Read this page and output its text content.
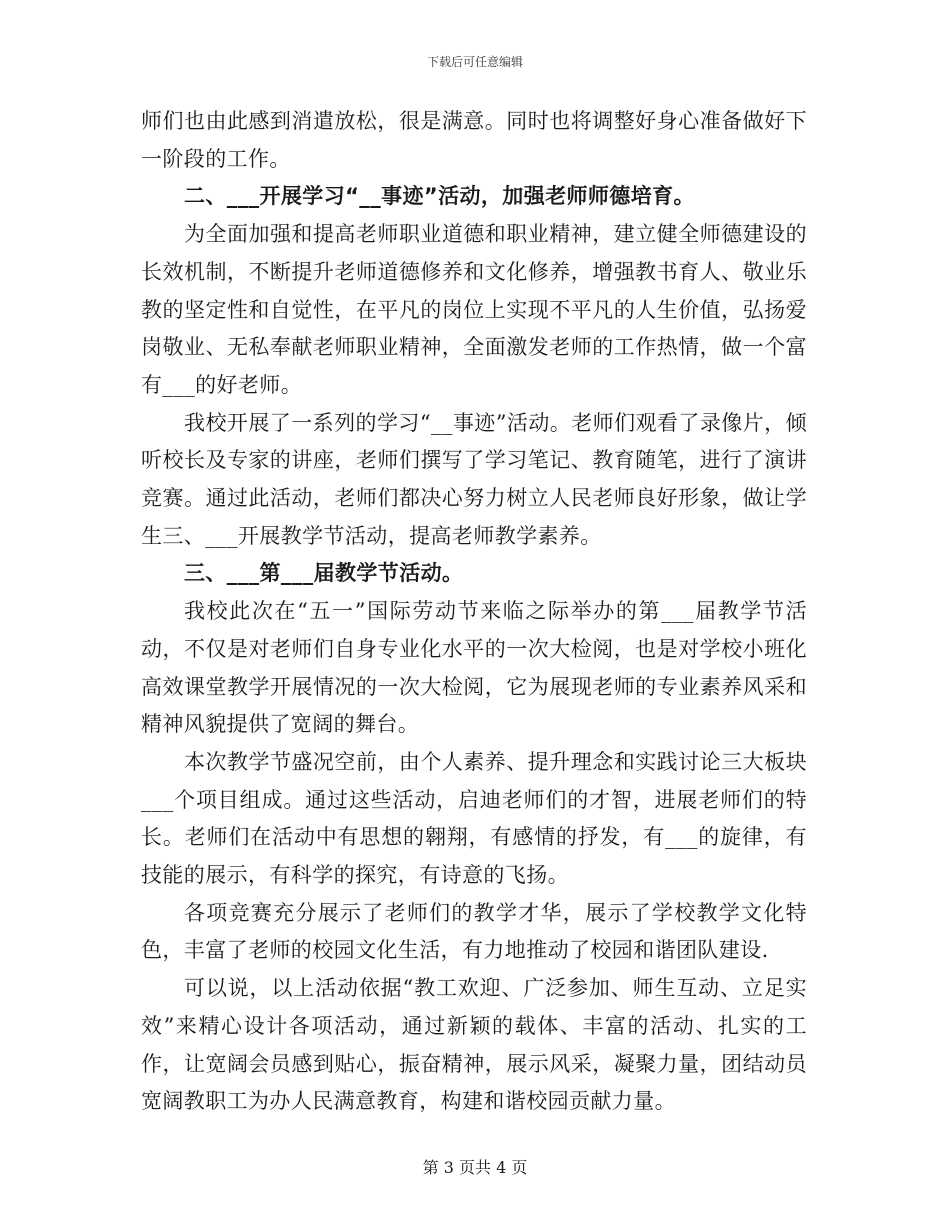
下载后可任意编辑

师们也由此感到消遣放松，很是满意。同时也将调整好身心准备做好下一阶段的工作。

二、___开展学习“__事迹”活动，加强老师师德培育。

为全面加强和提高老师职业道德和职业精神，建立健全师德建设的长效机制，不断提升老师道德修养和文化修养，增强教书育人、敬业乐教的坚定性和自觉性，在平凡的岗位上实现不平凡的人生价值，弘扬爱岗敬业、无私奉献老师职业精神，全面激发老师的工作热情，做一个富有___的好老师。

我校开展了一系列的学习“__事迹”活动。老师们观看了录像片，倾听校长及专家的讲座，老师们撰写了学习笔记、教育随笔，进行了演讲竞赛。通过此活动，老师们都决心努力树立人民老师良好形象，做让学生三、___开展教学节活动，提高老师教学素养。

三、___第___届教学节活动。

我校此次在“五一”国际劳动节来临之际举办的第___届教学节活动，不仅是对老师们自身专业化水平的一次大检阅，也是对学校小班化高效课堂教学开展情况的一次大检阅，它为展现老师的专业素养风采和精神风貌提供了宽阔的舞台。

本次教学节盛况空前，由个人素养、提升理念和实践讨论三大板块___个项目组成。通过这些活动，启迪老师们的才智，进展老师们的特长。老师们在活动中有思想的翱翔，有感情的抒发，有___的旋律，有技能的展示，有科学的探究，有诗意的飞扬。

各项竞赛充分展示了老师们的教学才华，展示了学校教学文化特色，丰富了老师的校园文化生活，有力地推动了校园和谐团队建设.

可以说，以上活动依据“教工欢迎、广泛参加、师生互动、立足实效”来精心设计各项活动，通过新颖的载体、丰富的活动、扎实的工作，让宽阔会员感到贴心，振奋精神，展示风采，凝聚力量，团结动员宽阔教职工为办人民满意教育，构建和谐校园贡献力量。

第 3 页共 4 页
